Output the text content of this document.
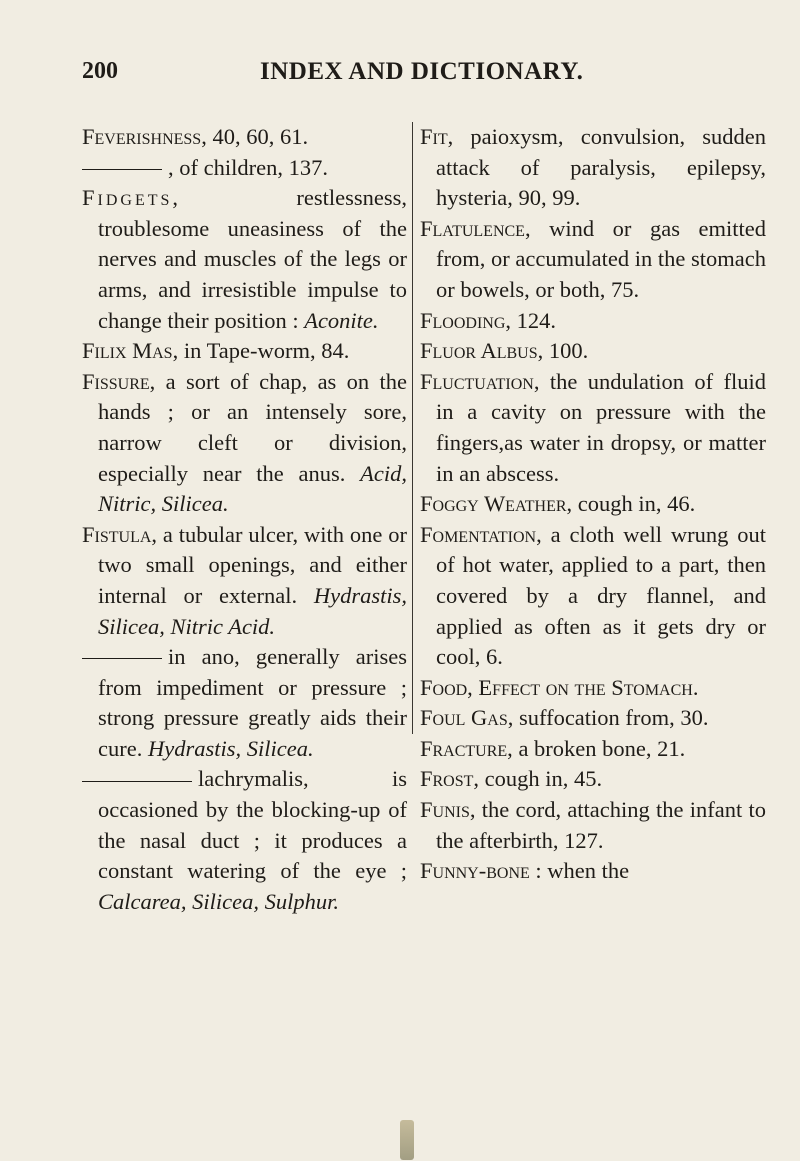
200	INDEX AND DICTIONARY.
Feverishness, 40, 60, 61.
, of children, 137.
Fidgets, restlessness, troublesome uneasiness of the nerves and muscles of the legs or arms, and irresistible impulse to change their position : Aconite.
Filix Mas, in Tape-worm, 84.
Fissure, a sort of chap, as on the hands ; or an intensely sore, narrow cleft or division, especially near the anus. Acid, Nitric, Silicea.
Fistula, a tubular ulcer, with one or two small openings, and either internal or external. Hydrastis, Silicea, Nitric Acid.
in ano, generally arises from impediment or pressure ; strong pressure greatly aids their cure. Hydrastis, Silicea.
lachrymalis, is occasioned by the blocking-up of the nasal duct ; it produces a constant watering of the eye ; Calcarea, Silicea, Sulphur.
Fit, paioxysm, convulsion, sudden attack of paralysis, epilepsy, hysteria, 90, 99.
Flatulence, wind or gas emitted from, or accumulated in the stomach or bowels, or both, 75.
Flooding, 124.
Fluor Albus, 100.
Fluctuation, the undulation of fluid in a cavity on pressure with the fingers,as water in dropsy, or matter in an abscess.
Foggy Weather, cough in, 46.
Fomentation, a cloth well wrung out of hot water, applied to a part, then covered by a dry flannel, and applied as often as it gets dry or cool, 6.
Food, Effect on the Stomach.
Foul Gas, suffocation from, 30.
Fracture, a broken bone, 21.
Frost, cough in, 45.
Funis, the cord, attaching the infant to the afterbirth, 127.
Funny-bone : when the
